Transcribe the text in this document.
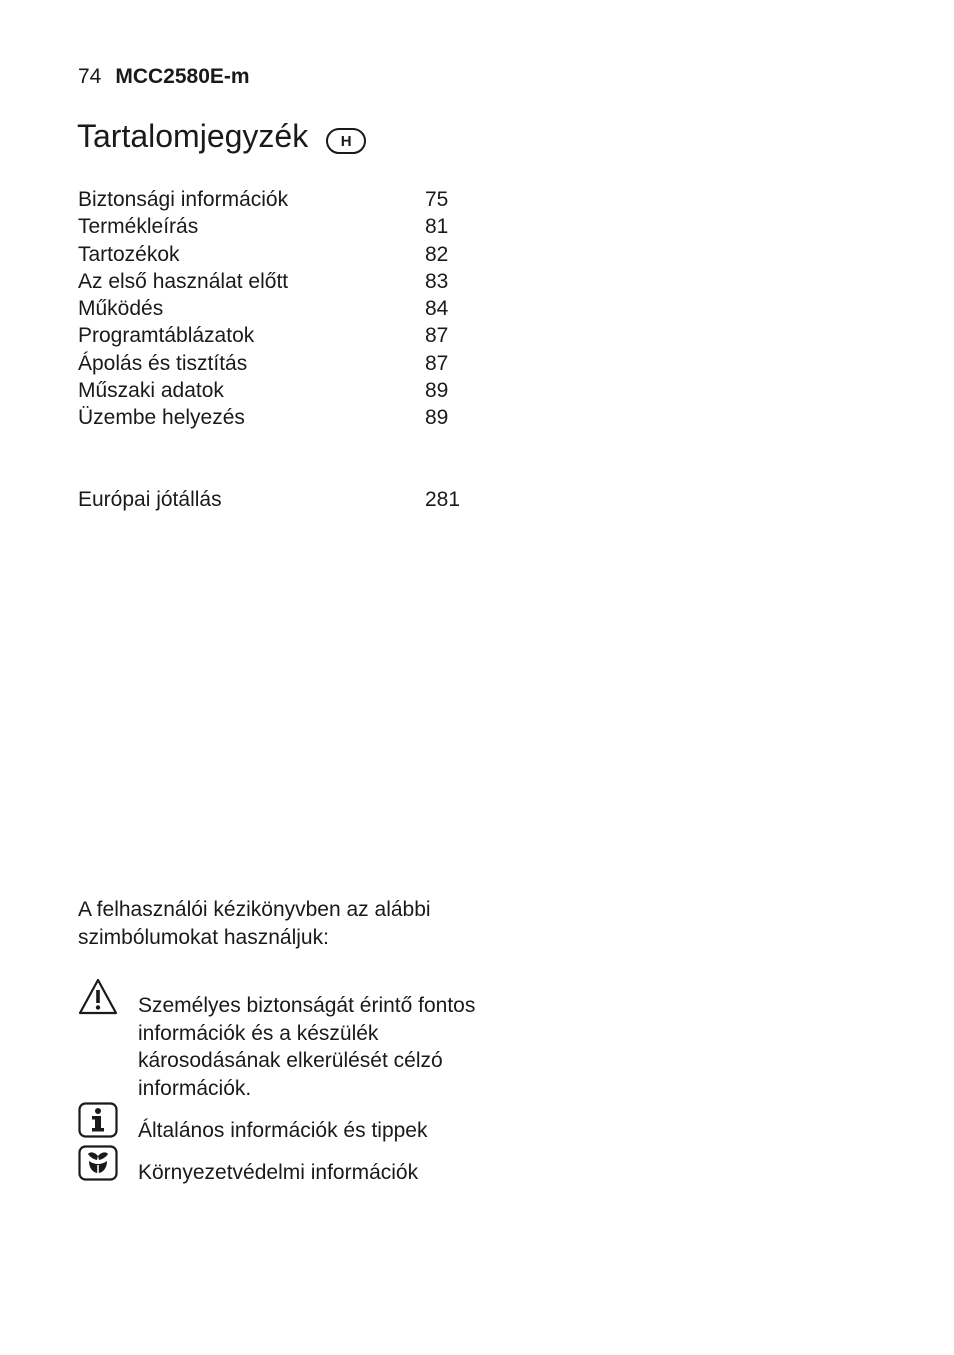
74 MCC2580E-m
Tartalomjegyzék	H
Biztonsági információk	75
Termékleírás	81
Tartozékok	82
Az első használat előtt	83
Működés	84
Programtáblázatok	87
Ápolás és tisztítás	87
Műszaki adatok	89
Üzembe helyezés	89
Európai jótállás	281
A felhasználói kézikönyvben az alábbi szimbólumokat használjuk:
Személyes biztonságát érintő fontos információk és a készülék károsodásának elkerülését célzó információk.
Általános információk és tippek
Környezetvédelmi információk
